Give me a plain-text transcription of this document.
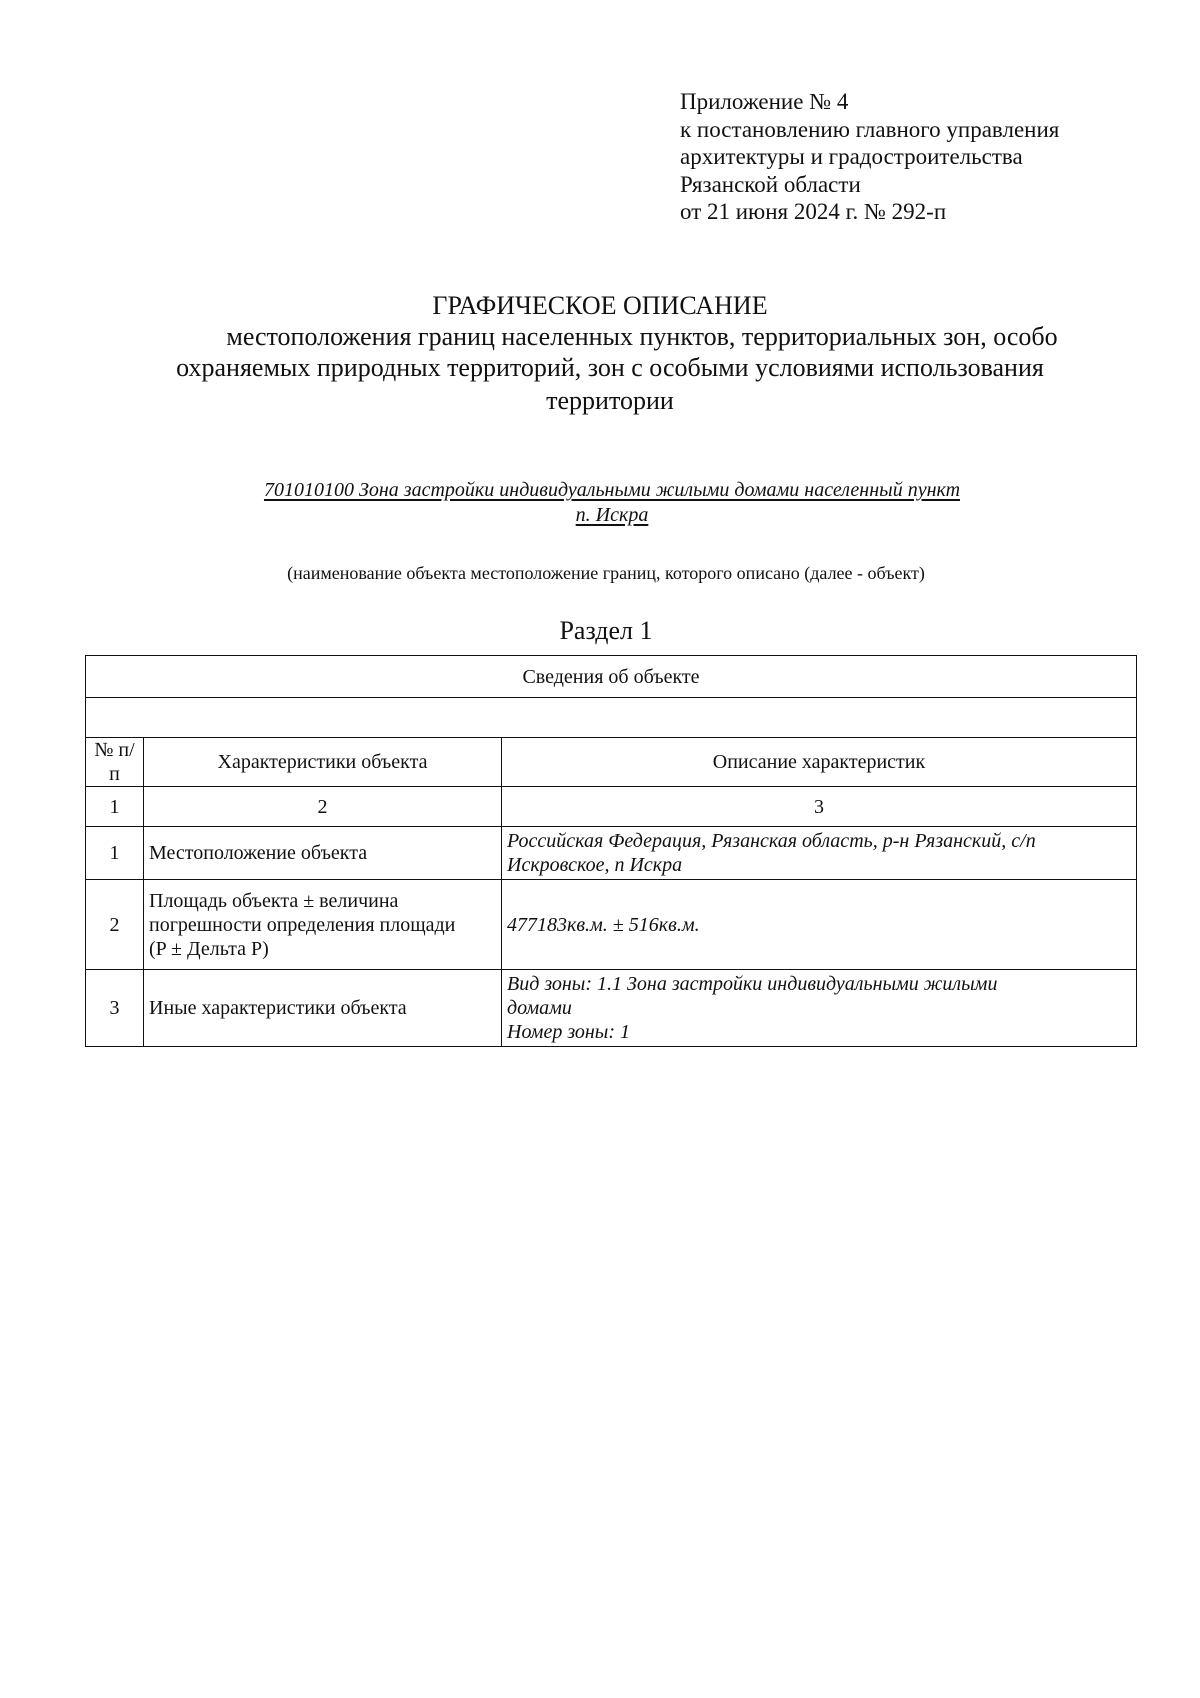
Приложение № 4
к постановлению главного управления
архитектуры и градостроительства
Рязанской области
от 21 июня 2024 г. № 292-п
ГРАФИЧЕСКОЕ ОПИСАНИЕ
местоположения границ населенных пунктов, территориальных зон, особо
охраняемых природных территорий, зон с особыми условиями использования
территории
701010100 Зона застройки индивидуальными жилыми домами населенный пункт
п. Искра
(наименование объекта местоположение границ, которого описано (далее - объект)
Раздел 1
Сведения об объекте		

№ п/п	Характеристики объекта	Описание характеристик
1	2	3
1	Местоположение объекта	Российская Федерация, Рязанская область, р-н Рязанский, с/п
Искровское, п Искра

2	Площадь объекта ± величина
погрешности определения площади
(P ± Дельта P)	477183кв.м. ± 516кв.м.

3	Иные характеристики объекта	Вид зоны: 1.1 Зона застройки индивидуальными жилыми
домами
Номер зоны: 1
